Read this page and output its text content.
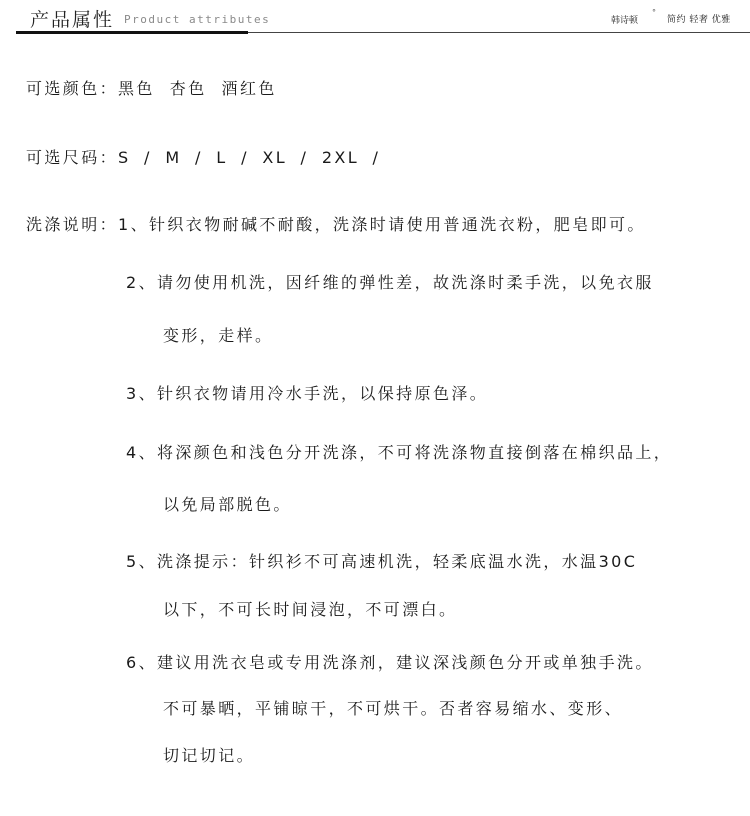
产品属性 Product attributes	韩诗顿
°
简约 轻奢 优雅
可选颜色：黑色  杏色  酒红色
可选尺码：S / M / L / XL / 2XL /
洗涤说明：1、针织衣物耐碱不耐酸，洗涤时请使用普通洗衣粉，肥皂即可。
2、请勿使用机洗，因纤维的弹性差，故洗涤时柔手洗，以免衣服
变形，走样。
3、针织衣物请用冷水手洗，以保持原色泽。
4、将深颜色和浅色分开洗涤，不可将洗涤物直接倒落在棉织品上，
以免局部脱色。
5、洗涤提示：针织衫不可高速机洗，轻柔底温水洗，水温30C
以下，不可长时间浸泡，不可漂白。
6、建议用洗衣皂或专用洗涤剂，建议深浅颜色分开或单独手洗。
不可暴晒，平铺晾干，不可烘干。否者容易缩水、变形、
切记切记。
